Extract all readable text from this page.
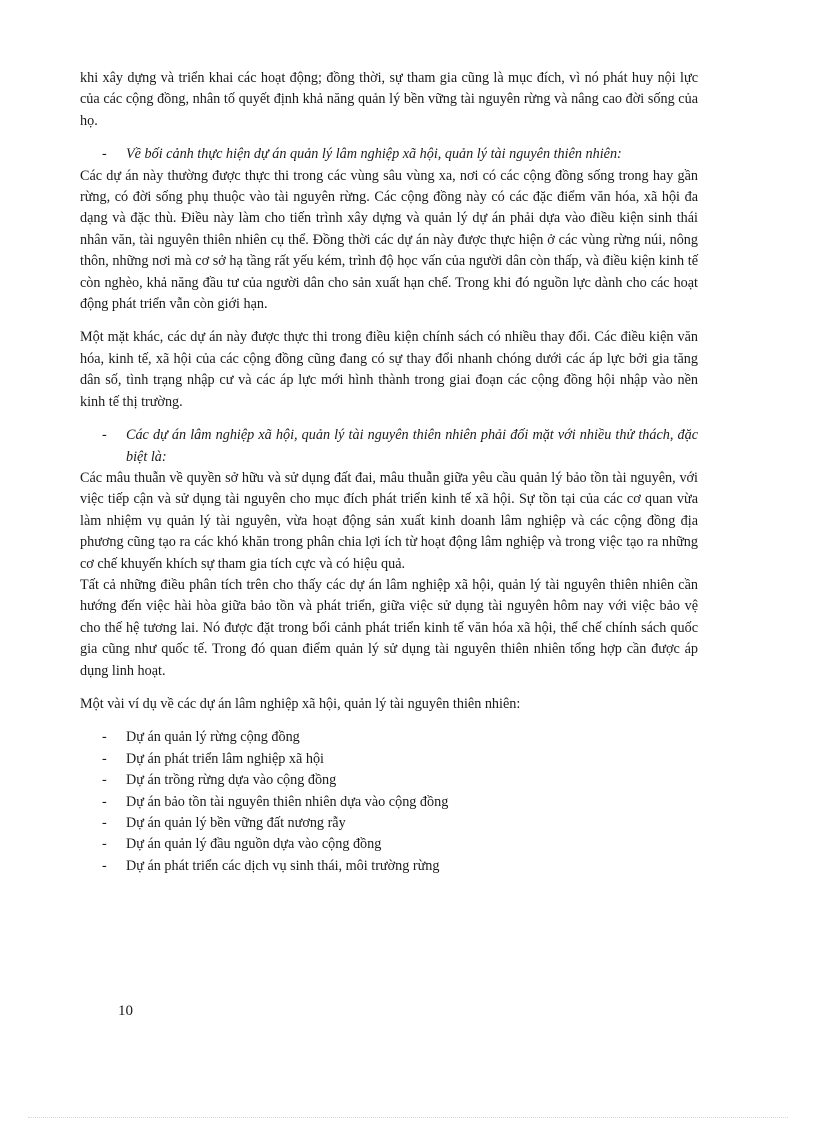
khi xây dựng và triển khai các hoạt động; đồng thời, sự tham gia cũng là mục đích, vì nó phát huy nội lực của các cộng đồng, nhân tố quyết định khả năng quản lý bền vững tài nguyên rừng và nâng cao đời sống của họ.

-	Về bối cảnh thực hiện dự án quản lý lâm nghiệp xã hội, quản lý tài nguyên thiên nhiên:

Các dự án này thường được thực thi trong các vùng sâu vùng xa, nơi có các cộng đồng sống trong hay gần rừng, có đời sống phụ thuộc vào tài nguyên rừng. Các cộng đồng này có các đặc điểm văn hóa, xã hội đa dạng và đặc thù. Điều này làm cho tiến trình xây dựng và quản lý dự án phải dựa vào điều kiện sinh thái nhân văn, tài nguyên thiên nhiên cụ thể. Đồng thời các dự án này được thực hiện ở các vùng rừng núi, nông thôn, những nơi mà cơ sở hạ tầng rất yếu kém, trình độ học vấn của người dân còn thấp, và điều kiện kinh tế còn nghèo, khả năng đầu tư của người dân cho sản xuất hạn chế. Trong khi đó nguồn lực dành cho các hoạt động phát triển vẫn còn giới hạn.

Một mặt khác, các dự án này được thực thi trong điều kiện chính sách có nhiều thay đổi. Các điều kiện văn hóa, kinh tế, xã hội của các cộng đồng cũng đang có sự thay đổi nhanh chóng dưới các áp lực bởi gia tăng dân số, tình trạng nhập cư và các áp lực mới hình thành trong giai đoạn các cộng đồng hội nhập vào nền kinh tế thị trường.

-	Các dự án lâm nghiệp xã hội, quản lý tài nguyên thiên nhiên phải đối mặt với nhiều thử thách, đặc biệt là:

Các mâu thuẫn về quyền sở hữu và sử dụng đất đai, mâu thuẫn giữa yêu cầu quản lý bảo tồn tài nguyên, với việc tiếp cận và sử dụng tài nguyên cho mục đích phát triển kinh tế xã hội. Sự tồn tại của các cơ quan vừa làm nhiệm vụ quản lý tài nguyên, vừa hoạt động sản xuất kinh doanh lâm nghiệp và các cộng đồng địa phương cũng tạo ra các khó khăn trong phân chia lợi ích từ hoạt động lâm nghiệp và trong việc tạo ra những cơ chế khuyến khích sự tham gia tích cực và có hiệu quả.

Tất cả những điều phân tích trên cho thấy các dự án lâm nghiệp xã hội, quản lý tài nguyên thiên nhiên cần hướng đến việc hài hòa giữa bảo tồn và phát triển, giữa việc sử dụng tài nguyên hôm nay với việc bảo vệ cho thế hệ tương lai. Nó được đặt trong bối cảnh phát triển kinh tế văn hóa xã hội, thể chế chính sách quốc gia cũng như quốc tế. Trong đó quan điểm quản lý sử dụng tài nguyên thiên nhiên tổng hợp cần được áp dụng linh hoạt.

Một vài ví dụ về các dự án lâm nghiệp xã hội, quản lý tài nguyên thiên nhiên:

-	Dự án quản lý rừng cộng đồng
-	Dự án phát triển lâm nghiệp xã hội
-	Dự án trồng rừng dựa vào cộng đồng
-	Dự án bảo tồn tài nguyên thiên nhiên dựa vào cộng đồng
-	Dự án quản lý bền vững đất nương rẫy
-	Dự án quản lý đầu nguồn dựa vào cộng đồng
-	Dự án phát triển các dịch vụ sinh thái, môi trường rừng
10
